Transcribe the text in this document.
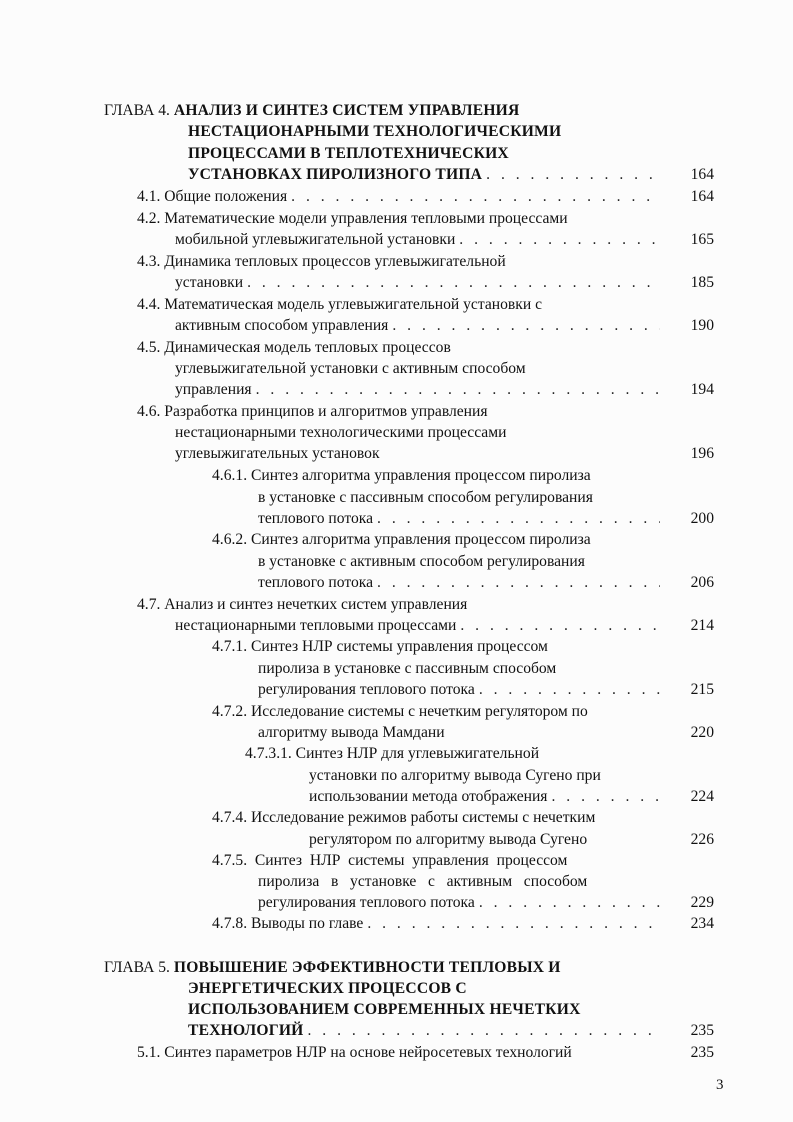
ГЛАВА 4. АНАЛИЗ И СИНТЕЗ СИСТЕМ УПРАВЛЕНИЯ
НЕСТАЦИОНАРНЫМИ ТЕХНОЛОГИЧЕСКИМИ
ПРОЦЕССАМИ В ТЕПЛОТЕХНИЧЕСКИХ
УСТАНОВКАХ ПИРОЛИЗНОГО ТИПА . . .	164
4.1. Общие положения . . .	164
4.2. Математические модели управления тепловыми процессами
мобильной углевыжигательной установки . . .	165
4.3. Динамика тепловых процессов углевыжигательной
установки . . .	185
4.4. Математическая модель углевыжигательной установки с
активным способом управления . . .	190
4.5. Динамическая модель тепловых процессов
углевыжигательной установки с активным способом
управления . . .	194
4.6. Разработка принципов и алгоритмов управления
нестационарными технологическими процессами
углевыжигательных установок	196
4.6.1. Синтез алгоритма управления процессом пиролиза
в установке с пассивным способом регулирования
теплового потока . . .	200
4.6.2. Синтез алгоритма управления процессом пиролиза
в установке с активным способом регулирования
теплового потока . . .	206
4.7. Анализ и синтез нечетких систем управления
нестационарными тепловыми процессами . . .	214
4.7.1. Синтез НЛР системы управления процессом
пиролиза в установке с пассивным способом
регулирования теплового потока . . .	215
4.7.2. Исследование системы с нечетким регулятором по
алгоритму вывода Мамдани	220
4.7.3.1. Синтез НЛР для углевыжигательной
установки по алгоритму вывода Сугено при
использовании метода отображения . . .	224
4.7.4. Исследование режимов работы системы с нечетким
регулятором по алгоритму вывода Сугено	226
4.7.5.  Синтез  НЛР  системы  управления  процессом
пиролиза   в   установке   с   активным   способом
регулирования теплового потока . . .	229
4.7.8. Выводы по главе . . .	234
ГЛАВА 5. ПОВЫШЕНИЕ ЭФФЕКТИВНОСТИ ТЕПЛОВЫХ И
ЭНЕРГЕТИЧЕСКИХ ПРОЦЕССОВ С
ИСПОЛЬЗОВАНИЕМ СОВРЕМЕННЫХ НЕЧЕТКИХ
ТЕХНОЛОГИЙ . . .	235
5.1. Синтез параметров НЛР на основе нейросетевых технологий	235
3
